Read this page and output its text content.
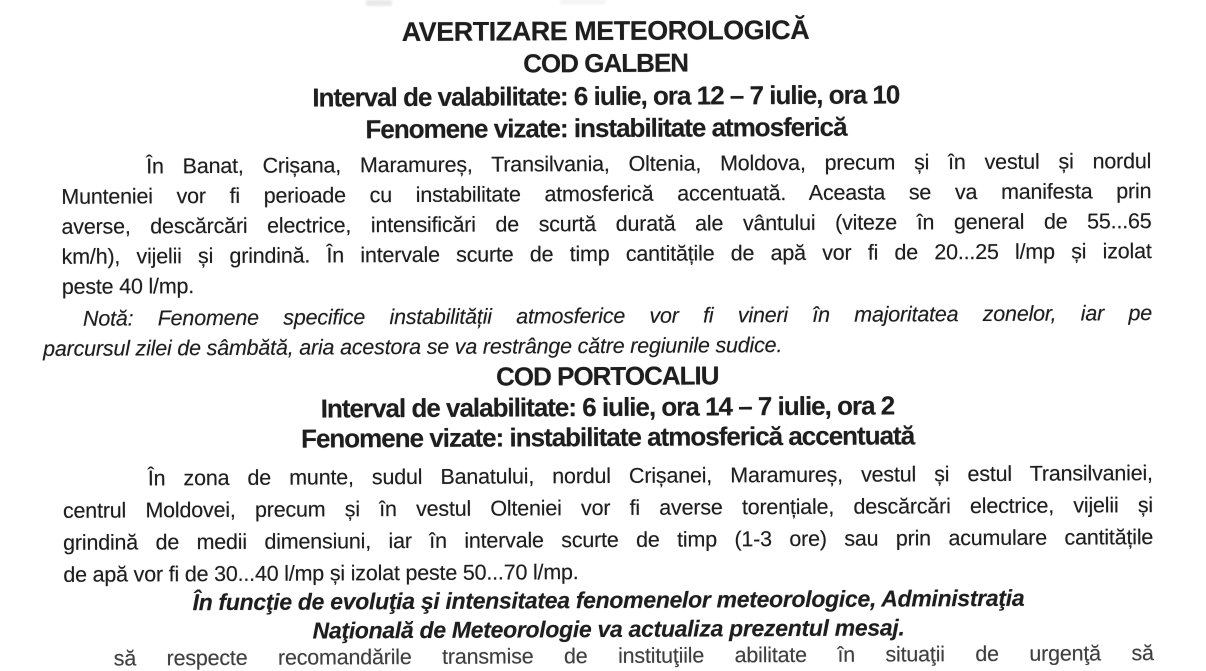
AVERTIZARE METEOROLOGICĂ
COD GALBEN
Interval de valabilitate: 6 iulie, ora 12 – 7 iulie, ora 10
Fenomene vizate: instabilitate atmosferică
În Banat, Crișana, Maramureș, Transilvania, Oltenia, Moldova, precum și în vestul și nordul
Munteniei vor fi perioade cu instabilitate atmosferică accentuată. Aceasta se va manifesta prin
averse, descărcări electrice, intensificări de scurtă durată ale vântului (viteze în general de 55...65
km/h), vijelii și grindină. În intervale scurte de timp cantitățile de apă vor fi de 20...25 l/mp și izolat
peste 40 l/mp.
Notă: Fenomene specifice instabilității atmosferice vor fi vineri în majoritatea zonelor, iar pe
parcursul zilei de sâmbătă, aria acestora se va restrânge către regiunile sudice.
COD PORTOCALIU
Interval de valabilitate: 6 iulie, ora 14 – 7 iulie, ora 2
Fenomene vizate: instabilitate atmosferică accentuată
În zona de munte, sudul Banatului, nordul Crișanei, Maramureș, vestul și estul Transilvaniei,
centrul Moldovei, precum și în vestul Olteniei vor fi averse torențiale, descărcări electrice, vijelii și
grindină de medii dimensiuni, iar în intervale scurte de timp (1-3 ore) sau prin acumulare cantitățile
de apă vor fi de 30...40 l/mp și izolat peste 50...70 l/mp.
În funcţie de evoluţia şi intensitatea fenomenelor meteorologice, Administraţia
Naţională de Meteorologie va actualiza prezentul mesaj.
să respecte recomandările transmise de instituţiile abilitate în situaţii de urgenţă să
